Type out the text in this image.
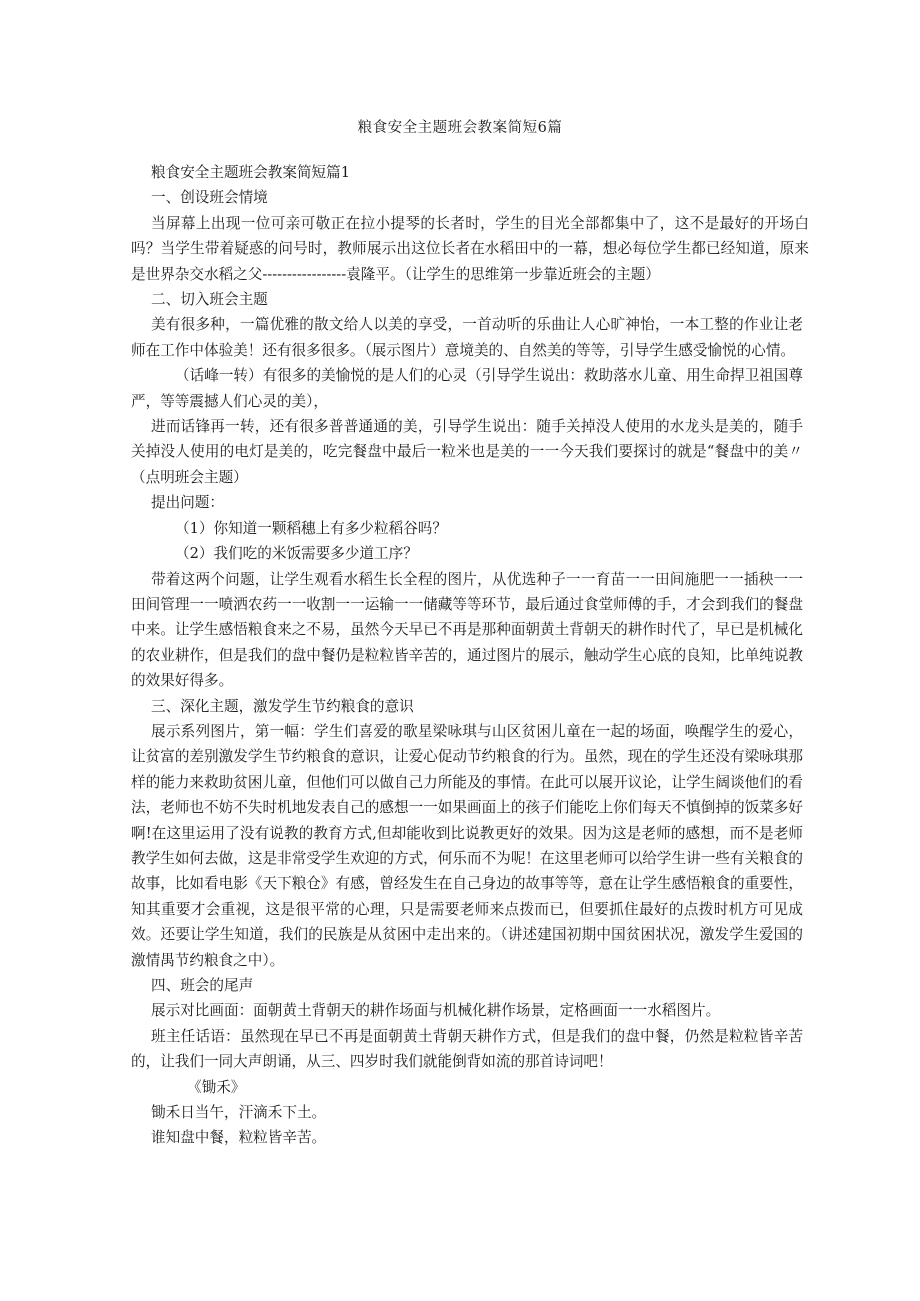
粮食安全主题班会教案简短6篇

粮食安全主题班会教案简短篇1

一、创设班会情境

当屏幕上出现一位可亲可敬正在拉小提琴的长者时，学生的目光全部都集中了，这不是最好的开场白吗？当学生带着疑惑的问号时，教师展示出这位长者在水稻田中的一幕，想必每位学生都已经知道，原来是世界杂交水稻之父-----------------袁隆平。（让学生的思维第一步靠近班会的主题）

二、切入班会主题

美有很多种，一篇优雅的散文给人以美的享受，一首动听的乐曲让人心旷神怡，一本工整的作业让老师在工作中体验美！还有很多很多。（展示图片）意境美的、自然美的等等，引导学生感受愉悦的心情。

（话峰一转）有很多的美愉悦的是人们的心灵（引导学生说出：救助落水儿童、用生命捍卫祖国尊严，等等震撼人们心灵的美），

进而话锋再一转，还有很多普普通通的美，引导学生说出：随手关掉没人使用的水龙头是美的，随手关掉没人使用的电灯是美的，吃完餐盘中最后一粒米也是美的一一今天我们要探讨的就是“餐盘中的美〃（点明班会主题）

提出问题：

（1）你知道一颗稻穗上有多少粒稻谷吗？

（2）我们吃的米饭需要多少道工序？

带着这两个问题，让学生观看水稻生长全程的图片，从优选种子一一育苗一一田间施肥一一插秧一一田间管理一一喷洒农药一一收割一一运输一一储藏等等环节，最后通过食堂师傅的手，才会到我们的餐盘中来。让学生感悟粮食来之不易，虽然今天早已不再是那种面朝黄土背朝天的耕作时代了，早已是机械化的农业耕作，但是我们的盘中餐仍是粒粒皆辛苦的，通过图片的展示，触动学生心底的良知，比单纯说教的效果好得多。

三、深化主题，激发学生节约粮食的意识

展示系列图片，第一幅：学生们喜爱的歌星梁咏琪与山区贫困儿童在一起的场面，唤醒学生的爱心，让贫富的差别激发学生节约粮食的意识，让爱心促动节约粮食的行为。虽然，现在的学生还没有梁咏琪那样的能力来救助贫困儿童，但他们可以做自己力所能及的事情。在此可以展开议论，让学生阔谈他们的看法，老师也不妨不失时机地发表自己的感想一一如果画面上的孩子们能吃上你们每天不慎倒掉的饭菜多好啊!在这里运用了没有说教的教育方式,但却能收到比说教更好的效果。因为这是老师的感想，而不是老师教学生如何去做，这是非常受学生欢迎的方式，何乐而不为呢！在这里老师可以给学生讲一些有关粮食的故事，比如看电影《天下粮仓》有感，曾经发生在自己身边的故事等等，意在让学生感悟粮食的重要性，知其重要才会重视，这是很平常的心理，只是需要老师来点拨而已，但要抓住最好的点拨时机方可见成效。还要让学生知道，我们的民族是从贫困中走出来的。（讲述建国初期中国贫困状况，激发学生爱国的激情禺节约粮食之中）。

四、班会的尾声

展示对比画面：面朝黄土背朝天的耕作场面与机械化耕作场景，定格画面一一水稻图片。

班主任话语：虽然现在早已不再是面朝黄土背朝天耕作方式，但是我们的盘中餐，仍然是粒粒皆辛苦的，让我们一同大声朗诵，从三、四岁时我们就能倒背如流的那首诗词吧！

《锄禾》

锄禾日当午，汗滴禾下土。

谁知盘中餐，粒粒皆辛苦。
